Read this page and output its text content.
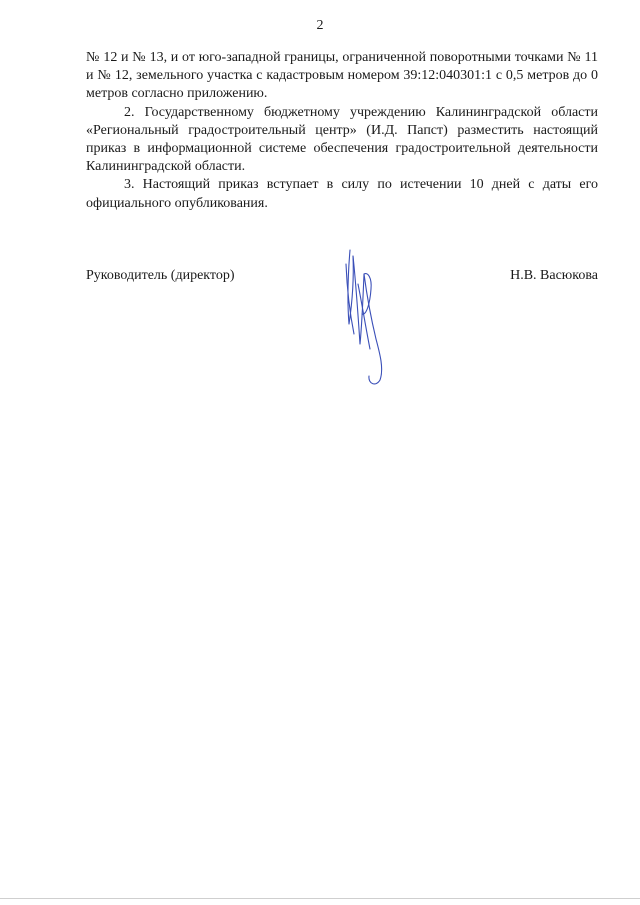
2

№ 12 и № 13, и от юго-западной границы, ограниченной поворотными точками № 11 и № 12, земельного участка с кадастровым номером 39:12:040301:1 с 0,5 метров до 0 метров согласно приложению.

2. Государственному бюджетному учреждению Калининградской области «Региональный градостроительный центр» (И.Д. Папст) разместить настоящий приказ в информационной системе обеспечения градостроительной деятельности Калининградской области.

3. Настоящий приказ вступает в силу по истечении 10 дней с даты его официального опубликования.

Руководитель (директор)	Н.В. Васюкова
